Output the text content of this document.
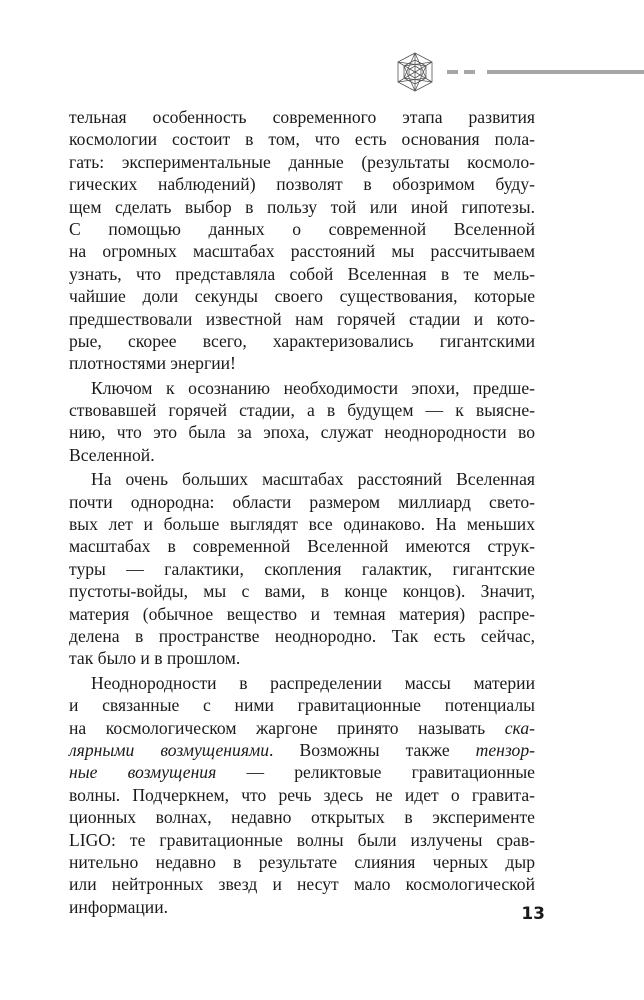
тельная особенность современного этапа развития
космологии состоит в том, что есть основания пола-
гать: экспериментальные данные (результаты космоло-
гических наблюдений) позволят в обозримом буду-
щем сделать выбор в пользу той или иной гипотезы.
С помощью данных о современной Вселенной
на огромных масштабах расстояний мы рассчитываем
узнать, что представляла собой Вселенная в те мель-
чайшие доли секунды своего существования, которые
предшествовали известной нам горячей стадии и кото-
рые, скорее всего, характеризовались гигантскими
плотностями энергии!
Ключом к осознанию необходимости эпохи, предше-
ствовавшей горячей стадии, а в будущем — к выясне-
нию, что это была за эпоха, служат неоднородности во
Вселенной.
На очень больших масштабах расстояний Вселенная
почти однородна: области размером миллиард свето-
вых лет и больше выглядят все одинаково. На меньших
масштабах в современной Вселенной имеются струк-
туры — галактики, скопления галактик, гигантские
пустоты-войды, мы с вами, в конце концов). Значит,
материя (обычное вещество и темная материя) распре-
делена в пространстве неоднородно. Так есть сейчас,
так было и в прошлом.
Неоднородности в распределении массы материи
и связанные с ними гравитационные потенциалы
на космологическом жаргоне принято называть ска-
лярными возмущениями. Возможны также тензор-
ные возмущения — реликтовые гравитационные
волны. Подчеркнем, что речь здесь не идет о гравита-
ционных волнах, недавно открытых в эксперименте
LIGO: те гравитационные волны были излучены срав-
нительно недавно в результате слияния черных дыр
или нейтронных звезд и несут мало космологической
информации.	13
